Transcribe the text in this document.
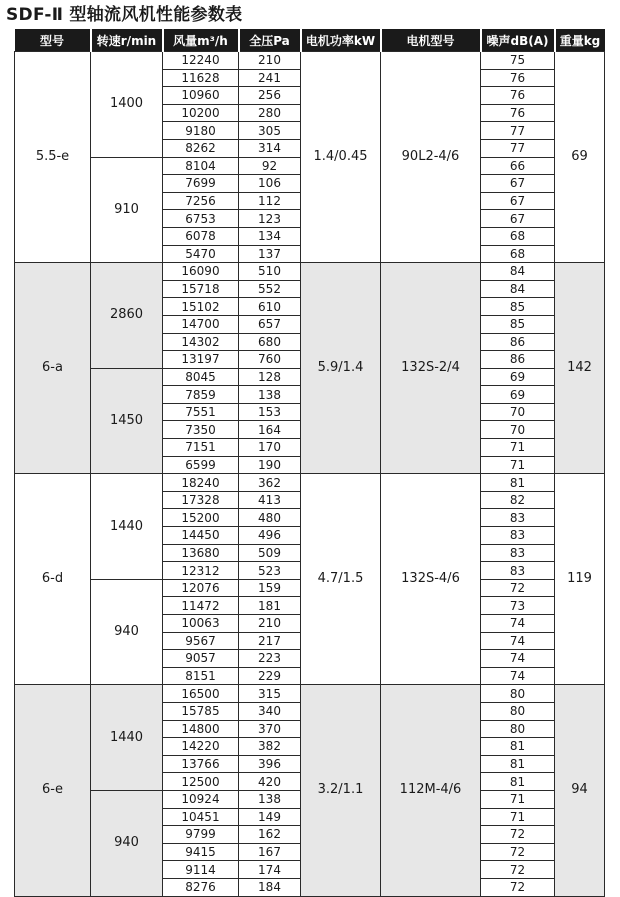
SDF-Ⅱ 型轴流风机性能参数表
型号	转速r/min	风量m³/h	全压Pa	电机功率kW	电机型号	噪声dB(A)	重量kg
5.5-e	1400	12240	210	1.4/0.45	90L2-4/6	75	69
		11628	241			76	
		10960	256			76	
		10200	280			76	
		9180	305			77	
		8262	314			77	
	910	8104	92			66	
		7699	106			67	
		7256	112			67	
		6753	123			67	
		6078	134			68	
		5470	137			68	
6-a	2860	16090	510	5.9/1.4	132S-2/4	84	142
		15718	552			84	
		15102	610			85	
		14700	657			85	
		14302	680			86	
		13197	760			86	
	1450	8045	128			69	
		7859	138			69	
		7551	153			70	
		7350	164			70	
		7151	170			71	
		6599	190			71	
6-d	1440	18240	362	4.7/1.5	132S-4/6	81	119
		17328	413			82	
		15200	480			83	
		14450	496			83	
		13680	509			83	
		12312	523			83	
	940	12076	159			72	
		11472	181			73	
		10063	210			74	
		9567	217			74	
		9057	223			74	
		8151	229			74	
6-e	1440	16500	315	3.2/1.1	112M-4/6	80	94
		15785	340			80	
		14800	370			80	
		14220	382			81	
		13766	396			81	
		12500	420			81	
	940	10924	138			71	
		10451	149			71	
		9799	162			72	
		9415	167			72	
		9114	174			72	
		8276	184			72	
